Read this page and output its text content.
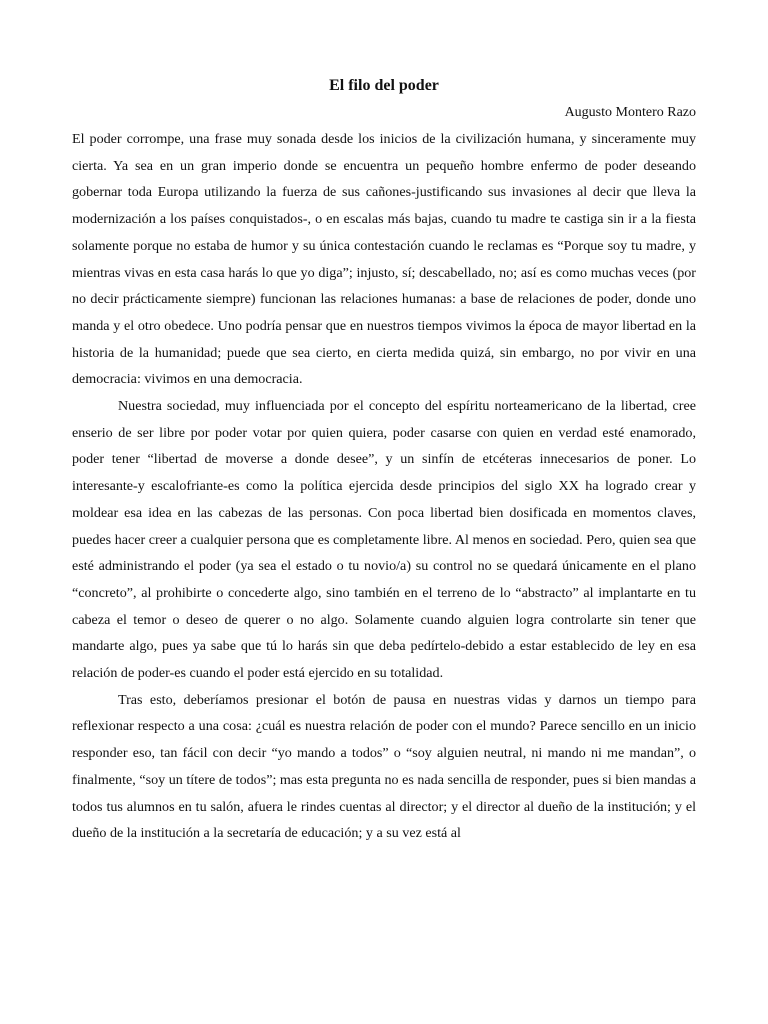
El filo del poder
Augusto Montero Razo

El poder corrompe, una frase muy sonada desde los inicios de la civilización humana, y sinceramente muy cierta. Ya sea en un gran imperio donde se encuentra un pequeño hombre enfermo de poder deseando gobernar toda Europa utilizando la fuerza de sus cañones-justificando sus invasiones al decir que lleva la modernización a los países conquistados-, o en escalas más bajas, cuando tu madre te castiga sin ir a la fiesta solamente porque no estaba de humor y su única contestación cuando le reclamas es “Porque soy tu madre, y mientras vivas en esta casa harás lo que yo diga”; injusto, sí; descabellado, no; así es como muchas veces (por no decir prácticamente siempre) funcionan las relaciones humanas: a base de relaciones de poder, donde uno manda y el otro obedece. Uno podría pensar que en nuestros tiempos vivimos la época de mayor libertad en la historia de la humanidad; puede que sea cierto, en cierta medida quizá, sin embargo, no por vivir en una democracia: vivimos en una democracia.

Nuestra sociedad, muy influenciada por el concepto del espíritu norteamericano de la libertad, cree enserio de ser libre por poder votar por quien quiera, poder casarse con quien en verdad esté enamorado, poder tener “libertad de moverse a donde desee”, y un sinfín de etcéteras innecesarios de poner. Lo interesante-y escalofriante-es como la política ejercida desde principios del siglo XX ha logrado crear y moldear esa idea en las cabezas de las personas. Con poca libertad bien dosificada en momentos claves, puedes hacer creer a cualquier persona que es completamente libre. Al menos en sociedad. Pero, quien sea que esté administrando el poder (ya sea el estado o tu novio/a) su control no se quedará únicamente en el plano “concreto”, al prohibirte o concederte algo, sino también en el terreno de lo “abstracto” al implantarte en tu cabeza el temor o deseo de querer o no algo. Solamente cuando alguien logra controlarte sin tener que mandarte algo, pues ya sabe que tú lo harás sin que deba pedírtelo-debido a estar establecido de ley en esa relación de poder-es cuando el poder está ejercido en su totalidad.

Tras esto, deberíamos presionar el botón de pausa en nuestras vidas y darnos un tiempo para reflexionar respecto a una cosa: ¿cuál es nuestra relación de poder con el mundo? Parece sencillo en un inicio responder eso, tan fácil con decir “yo mando a todos” o “soy alguien neutral, ni mando ni me mandan”, o finalmente, “soy un títere de todos”; mas esta pregunta no es nada sencilla de responder, pues si bien mandas a todos tus alumnos en tu salón, afuera le rindes cuentas al director; y el director al dueño de la institución; y el dueño de la institución a la secretaría de educación; y a su vez está al
